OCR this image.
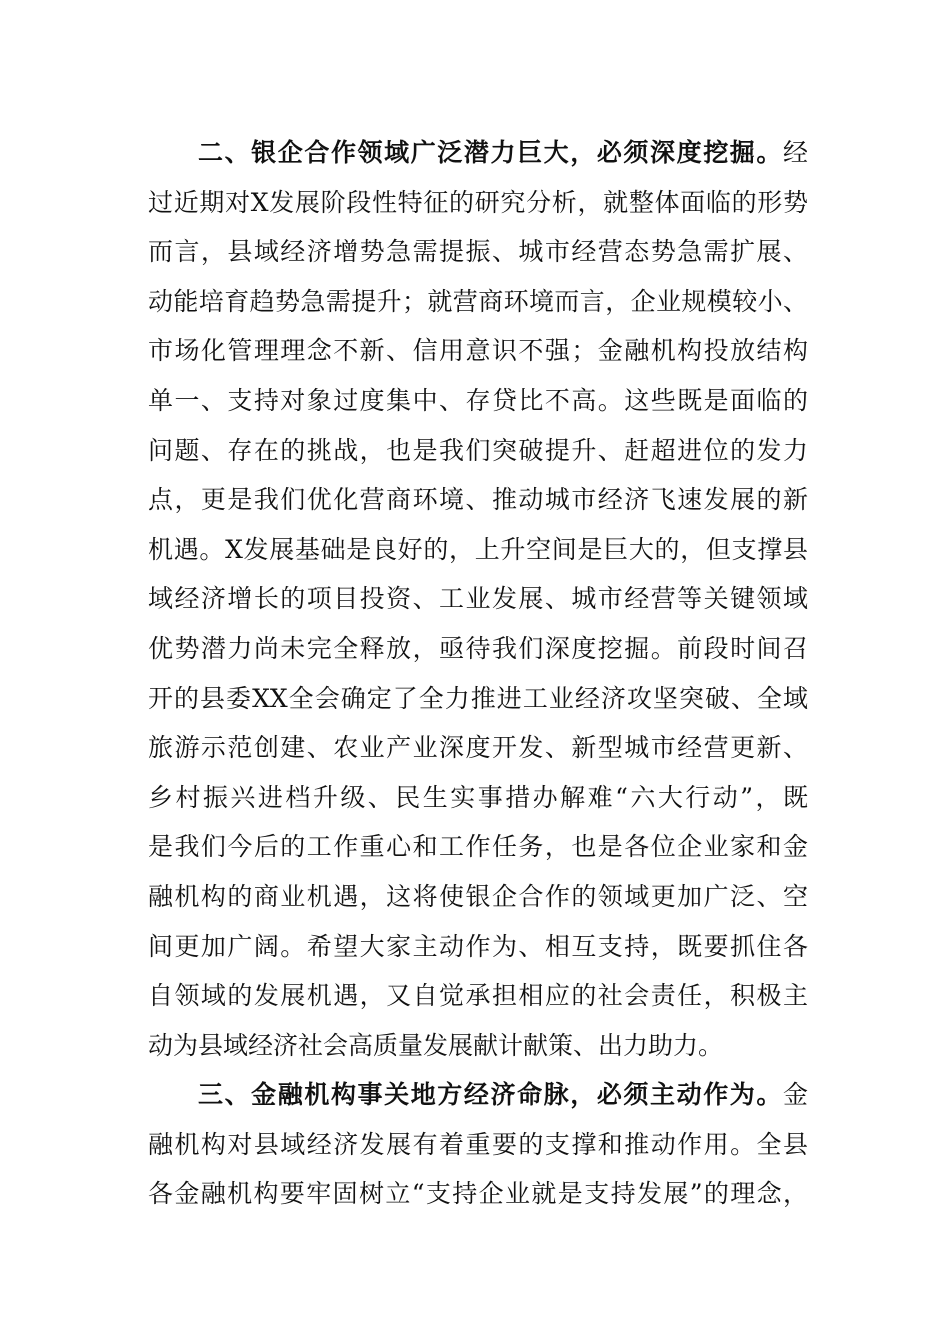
二、银企合作领域广泛潜力巨大，必须深度挖掘。经
过近期对X发展阶段性特征的研究分析，就整体面临的形势
而言，县域经济增势急需提振、城市经营态势急需扩展、
动能培育趋势急需提升；就营商环境而言，企业规模较小、
市场化管理理念不新、信用意识不强；金融机构投放结构
单一、支持对象过度集中、存贷比不高。这些既是面临的
问题、存在的挑战，也是我们突破提升、赶超进位的发力
点，更是我们优化营商环境、推动城市经济飞速发展的新
机遇。X发展基础是良好的，上升空间是巨大的，但支撑县
域经济增长的项目投资、工业发展、城市经营等关键领域
优势潜力尚未完全释放，亟待我们深度挖掘。前段时间召
开的县委XX全会确定了全力推进工业经济攻坚突破、全域
旅游示范创建、农业产业深度开发、新型城市经营更新、
乡村振兴进档升级、民生实事措办解难“六大行动”，既
是我们今后的工作重心和工作任务，也是各位企业家和金
融机构的商业机遇，这将使银企合作的领域更加广泛、空
间更加广阔。希望大家主动作为、相互支持，既要抓住各
自领域的发展机遇，又自觉承担相应的社会责任，积极主
动为县域经济社会高质量发展献计献策、出力助力。
三、金融机构事关地方经济命脉，必须主动作为。金
融机构对县域经济发展有着重要的支撑和推动作用。全县
各金融机构要牢固树立“支持企业就是支持发展”的理念，
